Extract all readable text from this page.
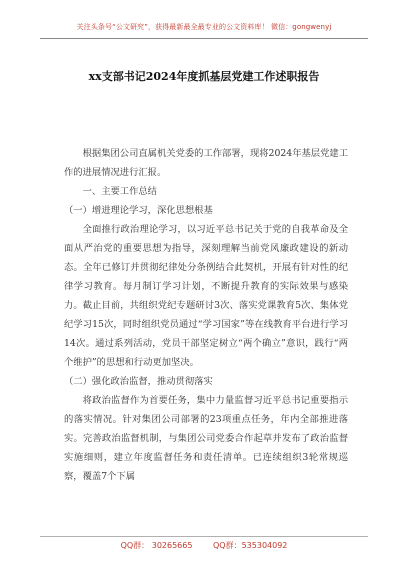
关注头条号“公文研究”，获得最新最全最专业的公文资料库！ 微信：gongwenyj
xx支部书记2024年度抓基层党建工作述职报告

根据集团公司直属机关党委的工作部署，现将2024年基层党建工作的进展情况进行汇报。

一、主要工作总结

（一）增进理论学习，深化思想根基

全面推行政治理论学习，以习近平总书记关于党的自我革命及全面从严治党的重要思想为指导，深刻理解当前党风廉政建设的新动态。全年已修订并贯彻纪律处分条例结合此契机，开展有针对性的纪律学习教育。每月制订学习计划，不断提升教育的实际效果与感染力。截止目前，共组织党纪专题研讨3次、落实党课教育5次、集体党纪学习15次，同时组织党员通过“学习国家”等在线教育平台进行学习14次。通过系列活动，党员干部坚定树立“两个确立”意识，践行“两个维护”的思想和行动更加坚决。

（二）强化政治监督，推动贯彻落实

将政治监督作为首要任务，集中力量监督习近平总书记重要指示的落实情况。针对集团公司部署的23项重点任务，年内全部推进落实。完善政治监督机制，与集团公司党委合作起草并发布了政治监督实施细则，建立年度监督任务和责任清单。已连续组织3轮常规巡察，覆盖7个下属

QQ群： 30265665	QQ群：535304092
